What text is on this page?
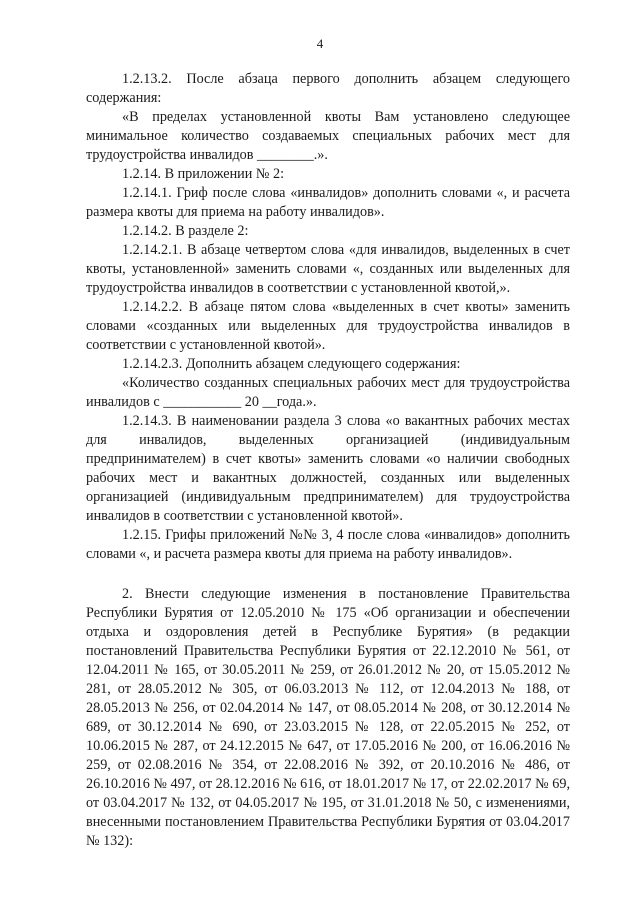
4

1.2.13.2. После абзаца первого дополнить абзацем следующего содержания:

«В пределах установленной квоты Вам установлено следующее минимальное количество создаваемых специальных рабочих мест для трудоустройства инвалидов ________.».

1.2.14. В приложении № 2:

1.2.14.1. Гриф после слова «инвалидов» дополнить словами «, и расчета размера квоты для приема на работу инвалидов».

1.2.14.2. В разделе 2:

1.2.14.2.1. В абзаце четвертом слова «для инвалидов, выделенных в счет квоты, установленной» заменить словами «, созданных или выделенных для трудоустройства инвалидов в соответствии с установленной квотой,».

1.2.14.2.2. В абзаце пятом слова «выделенных в счет квоты» заменить словами «созданных или выделенных для трудоустройства инвалидов в соответствии с установленной квотой».

1.2.14.2.3. Дополнить абзацем следующего содержания:

«Количество созданных специальных рабочих мест для трудоустройства инвалидов с ___________ 20 __года.».

1.2.14.3. В наименовании раздела 3 слова «о вакантных рабочих местах для инвалидов, выделенных организацией (индивидуальным предпринимателем) в счет квоты» заменить словами «о наличии свободных рабочих мест и вакантных должностей, созданных или выделенных организацией (индивидуальным предпринимателем) для трудоустройства инвалидов в соответствии с установленной квотой».

1.2.15. Грифы приложений №№ 3, 4 после слова «инвалидов» дополнить словами «, и расчета размера квоты для приема на работу инвалидов».

2. Внести следующие изменения в постановление Правительства Республики Бурятия от 12.05.2010 № 175 «Об организации и обеспечении отдыха и оздоровления детей в Республике Бурятия» (в редакции постановлений Правительства Республики Бурятия от 22.12.2010 № 561, от 12.04.2011 № 165, от 30.05.2011 № 259, от 26.01.2012 № 20, от 15.05.2012 № 281, от 28.05.2012 № 305, от 06.03.2013 № 112, от 12.04.2013 № 188, от 28.05.2013 № 256, от 02.04.2014 № 147, от 08.05.2014 № 208, от 30.12.2014 № 689, от 30.12.2014 № 690, от 23.03.2015 № 128, от 22.05.2015 № 252, от 10.06.2015 № 287, от 24.12.2015 № 647, от 17.05.2016 № 200, от 16.06.2016 № 259, от 02.08.2016 № 354, от 22.08.2016 № 392, от 20.10.2016 № 486, от 26.10.2016 № 497, от 28.12.2016 № 616, от 18.01.2017 № 17, от 22.02.2017 № 69, от 03.04.2017 № 132, от 04.05.2017 № 195, от 31.01.2018 № 50, с изменениями, внесенными постановлением Правительства Республики Бурятия от 03.04.2017 № 132):
